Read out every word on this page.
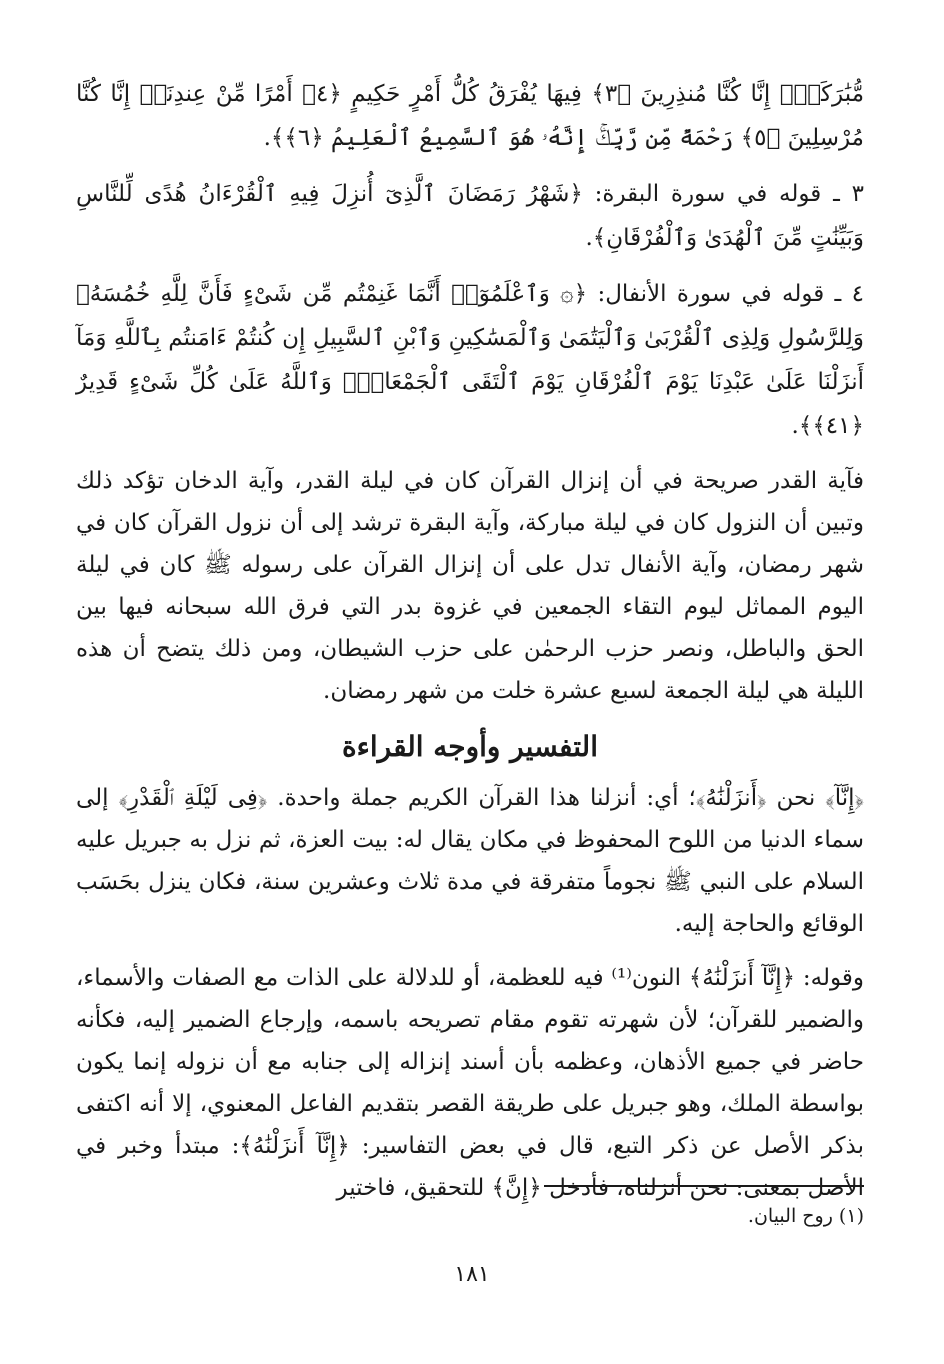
مُّبَٰرَكَةٍۚ إِنَّا كُنَّا مُنذِرِينَ ﴿٣﴾ فِيهَا يُفْرَقُ كُلُّ أَمْرٍ حَكِيمٍ ﴿٤﴾ أَمْرًا مِّنْ عِندِنَآۚ إِنَّا كُنَّا مُرْسِلِينَ ﴿٥﴾ رَحْمَةً مِّن رَّبِّكَۚ إِنَّهُۥ هُوَ ٱلسَّمِيعُ ٱلْعَلِيمُ ﴿٦﴾﴾.

٣ ـ قوله في سورة البقرة: ﴿شَهْرُ رَمَضَانَ ٱلَّذِىٓ أُنزِلَ فِيهِ ٱلْقُرْءَانُ هُدًى لِّلنَّاسِ وَبَيِّنَٰتٍ مِّنَ ٱلْهُدَىٰ وَٱلْفُرْقَانِ﴾.

٤ ـ قوله في سورة الأنفال: ﴿۞ وَٱعْلَمُوٓا۟ أَنَّمَا غَنِمْتُم مِّن شَىْءٍ فَأَنَّ لِلَّهِ خُمُسَهُۥ وَلِلرَّسُولِ وَلِذِى ٱلْقُرْبَىٰ وَٱلْيَتَٰمَىٰ وَٱلْمَسَٰكِينِ وَٱبْنِ ٱلسَّبِيلِ إِن كُنتُمْ ءَامَنتُم بِٱللَّهِ وَمَآ أَنزَلْنَا عَلَىٰ عَبْدِنَا يَوْمَ ٱلْفُرْقَانِ يَوْمَ ٱلْتَقَى ٱلْجَمْعَانِۗ وَٱللَّهُ عَلَىٰ كُلِّ شَىْءٍ قَدِيرٌ ﴿٤١﴾﴾.

فآية القدر صريحة في أن إنزال القرآن كان في ليلة القدر، وآية الدخان تؤكد ذلك وتبين أن النزول كان في ليلة مباركة، وآية البقرة ترشد إلى أن نزول القرآن كان في شهر رمضان، وآية الأنفال تدل على أن إنزال القرآن على رسوله ﷺ كان في ليلة اليوم المماثل ليوم التقاء الجمعين في غزوة بدر التي فرق الله سبحانه فيها بين الحق والباطل، ونصر حزب الرحمٰن على حزب الشيطان، ومن ذلك يتضح أن هذه الليلة هي ليلة الجمعة لسبع عشرة خلت من شهر رمضان.

التفسير وأوجه القراءة

﴿إِنَّآ﴾ نحن ﴿أَنزَلْنَٰهُ﴾؛ أي: أنزلنا هذا القرآن الكريم جملة واحدة. ﴿فِى لَيْلَةِ ٱلْقَدْرِ﴾ إلى سماء الدنيا من اللوح المحفوظ في مكان يقال له: بيت العزة، ثم نزل به جبريل عليه السلام على النبي ﷺ نجوماً متفرقة في مدة ثلاث وعشرين سنة، فكان ينزل بحَسَب الوقائع والحاجة إليه.

وقوله: ﴿إِنَّآ أَنزَلْنَٰهُ﴾ النون⁽¹⁾ فيه للعظمة، أو للدلالة على الذات مع الصفات والأسماء، والضمير للقرآن؛ لأن شهرته تقوم مقام تصريحه باسمه، وإرجاع الضمير إليه، فكأنه حاضر في جميع الأذهان، وعظمه بأن أسند إنزاله إلى جنابه مع أن نزوله إنما يكون بواسطة الملك، وهو جبريل على طريقة القصر بتقديم الفاعل المعنوي، إلا أنه اكتفى بذكر الأصل عن ذكر التبع، قال في بعض التفاسير: ﴿إِنَّآ أَنزَلْنَٰهُ﴾: مبتدأ وخبر في الأصل بمعنى: نحن أنزلناه، فأدخل ﴿إِنَّ﴾ للتحقيق، فاختير

(١) روح البيان.
١٨١
